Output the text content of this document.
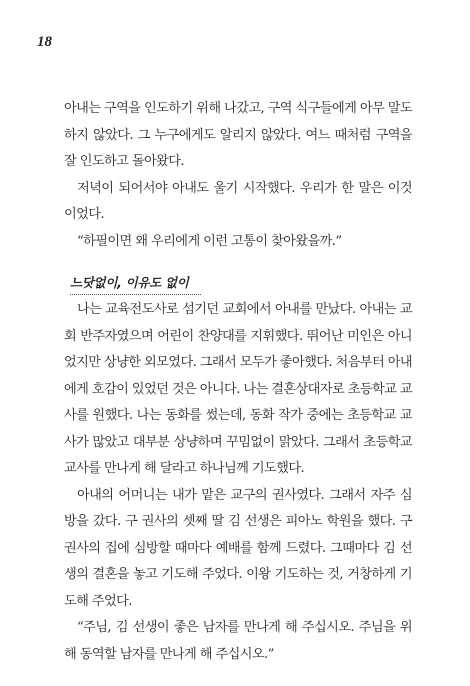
18

아내는 구역을 인도하기 위해 나갔고, 구역 식구들에게 아무 말도 하지 않았다. 그 누구에게도 알리지 않았다. 여느 때처럼 구역을 잘 인도하고 돌아왔다.

저녁이 되어서야 아내도 울기 시작했다. 우리가 한 말은 이것이었다.

“하필이면 왜 우리에게 이런 고통이 찾아왔을까.”

느닷없이, 이유도 없이

나는 교육전도사로 섬기던 교회에서 아내를 만났다. 아내는 교회 반주자였으며 어린이 찬양대를 지휘했다. 뛰어난 미인은 아니었지만 상냥한 외모였다. 그래서 모두가 좋아했다. 처음부터 아내에게 호감이 있었던 것은 아니다. 나는 결혼상대자로 초등학교 교사를 원했다. 나는 동화를 썼는데, 동화 작가 중에는 초등학교 교사가 많았고 대부분 상냥하며 꾸밈없이 맑았다. 그래서 초등학교 교사를 만나게 해 달라고 하나님께 기도했다.

아내의 어머니는 내가 맡은 교구의 권사였다. 그래서 자주 심방을 갔다. 구 권사의 셋째 딸 김 선생은 피아노 학원을 했다. 구 권사의 집에 심방할 때마다 예배를 함께 드렸다. 그때마다 김 선생의 결혼을 놓고 기도해 주었다. 이왕 기도하는 것, 거창하게 기도해 주었다.

“주님, 김 선생이 좋은 남자를 만나게 해 주십시오. 주님을 위해 동역할 남자를 만나게 해 주십시오.”
